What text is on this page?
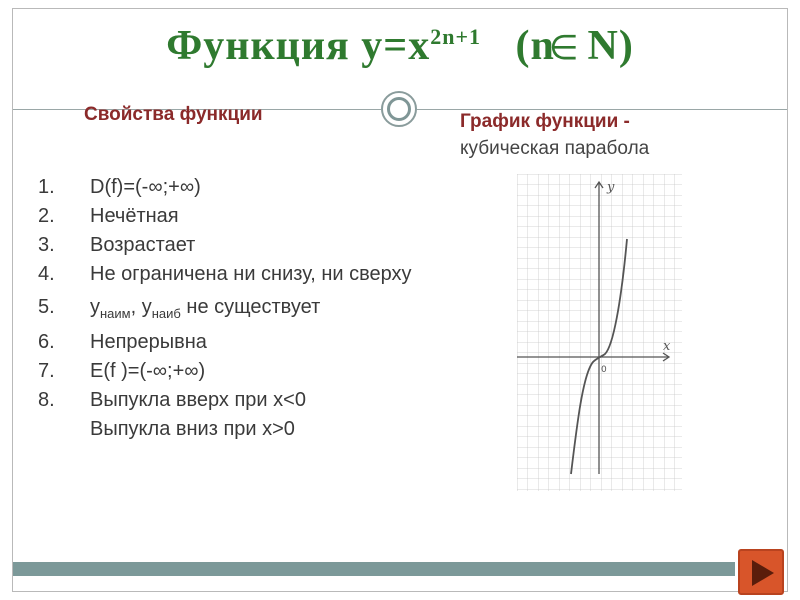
Функция $y=x^{2n+1}$ (n∈ N)
Свойства функции	График функции -
кубическая парабола
1.	D(f)=(-∞;+∞)
2.	Нечётная
3.	Возрастает
4.	Не ограничена ни снизу, ни сверху
5.	$y_{наим}$, $y_{наиб}$ не существует
6.	Непрерывна
7.	E(f )=(-∞;+∞)
8.	Выпукла вверх при x<0
Выпукла вниз при x>0
y
x
0
